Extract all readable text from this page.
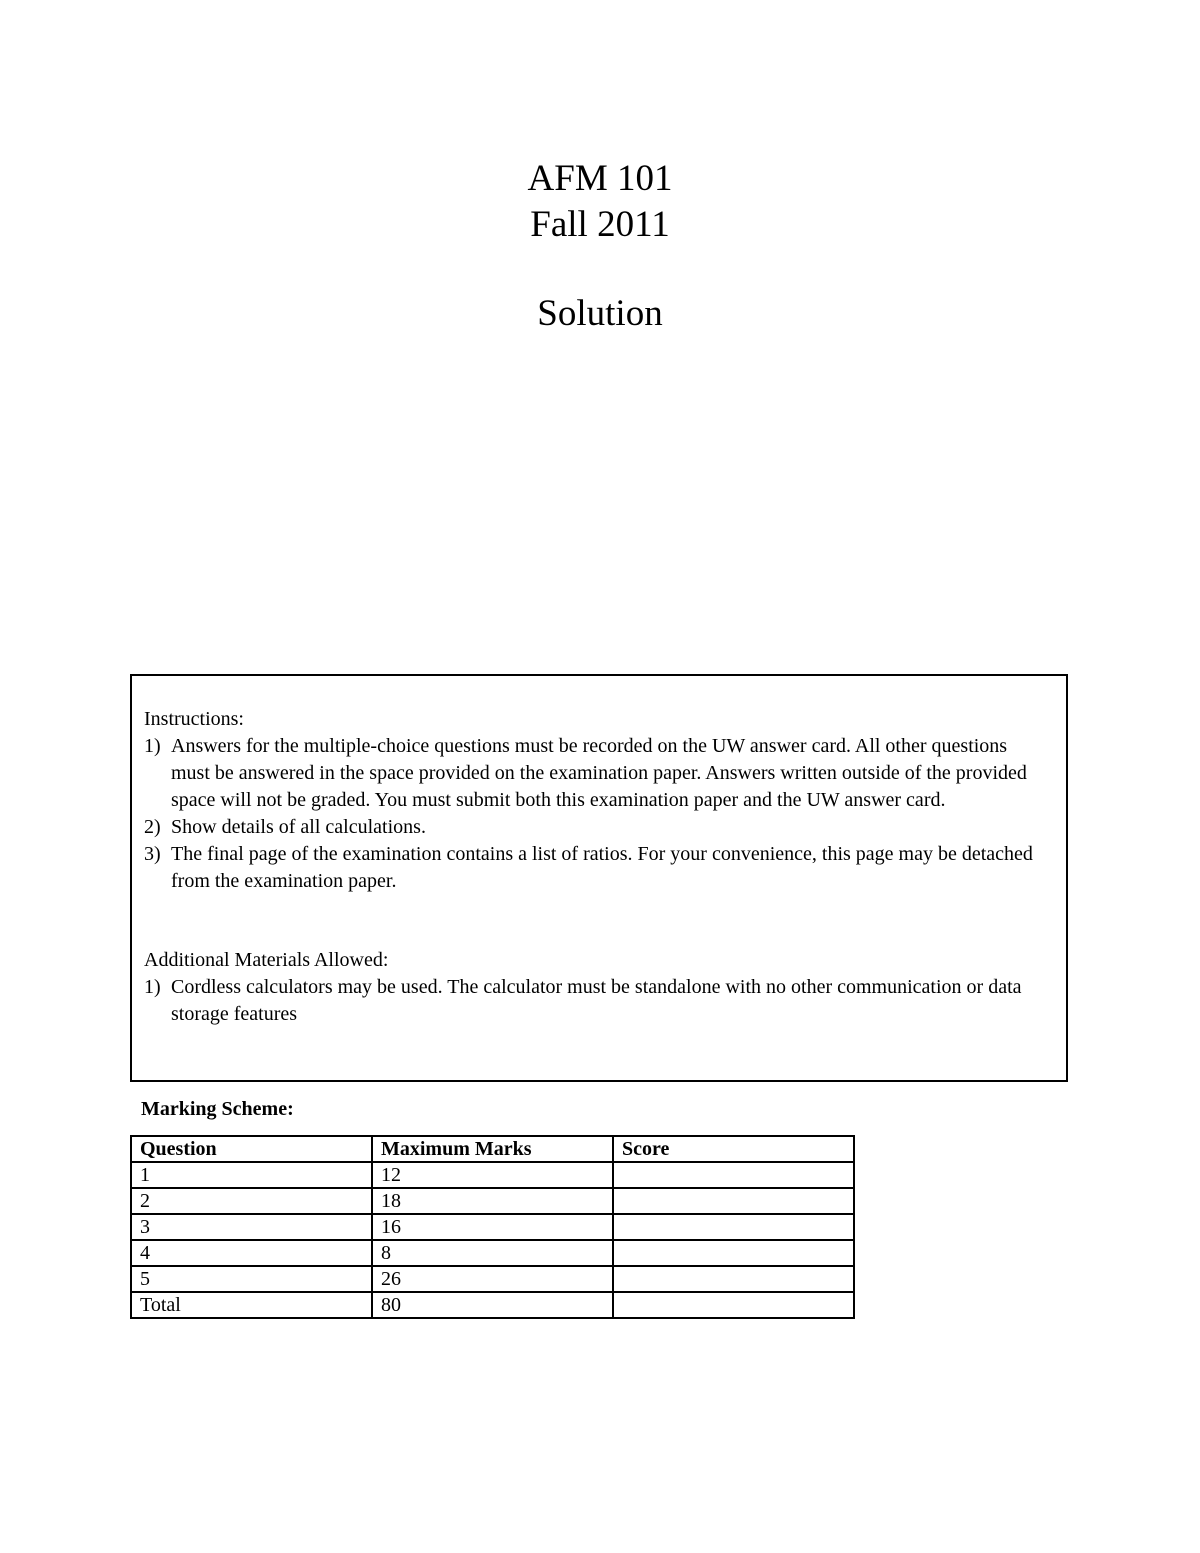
AFM 101
Fall 2011
Solution
Instructions:
1) Answers for the multiple-choice questions must be recorded on the UW answer card. All other questions must be answered in the space provided on the examination paper. Answers written outside of the provided space will not be graded. You must submit both this examination paper and the UW answer card.
2) Show details of all calculations.
3) The final page of the examination contains a list of ratios. For your convenience, this page may be detached from the examination paper.
Additional Materials Allowed:
1) Cordless calculators may be used. The calculator must be standalone with no other communication or data storage features
Marking Scheme:
Question	Maximum Marks	Score
1	12	
2	18	
3	16	
4	8	
5	26	
Total	80	
